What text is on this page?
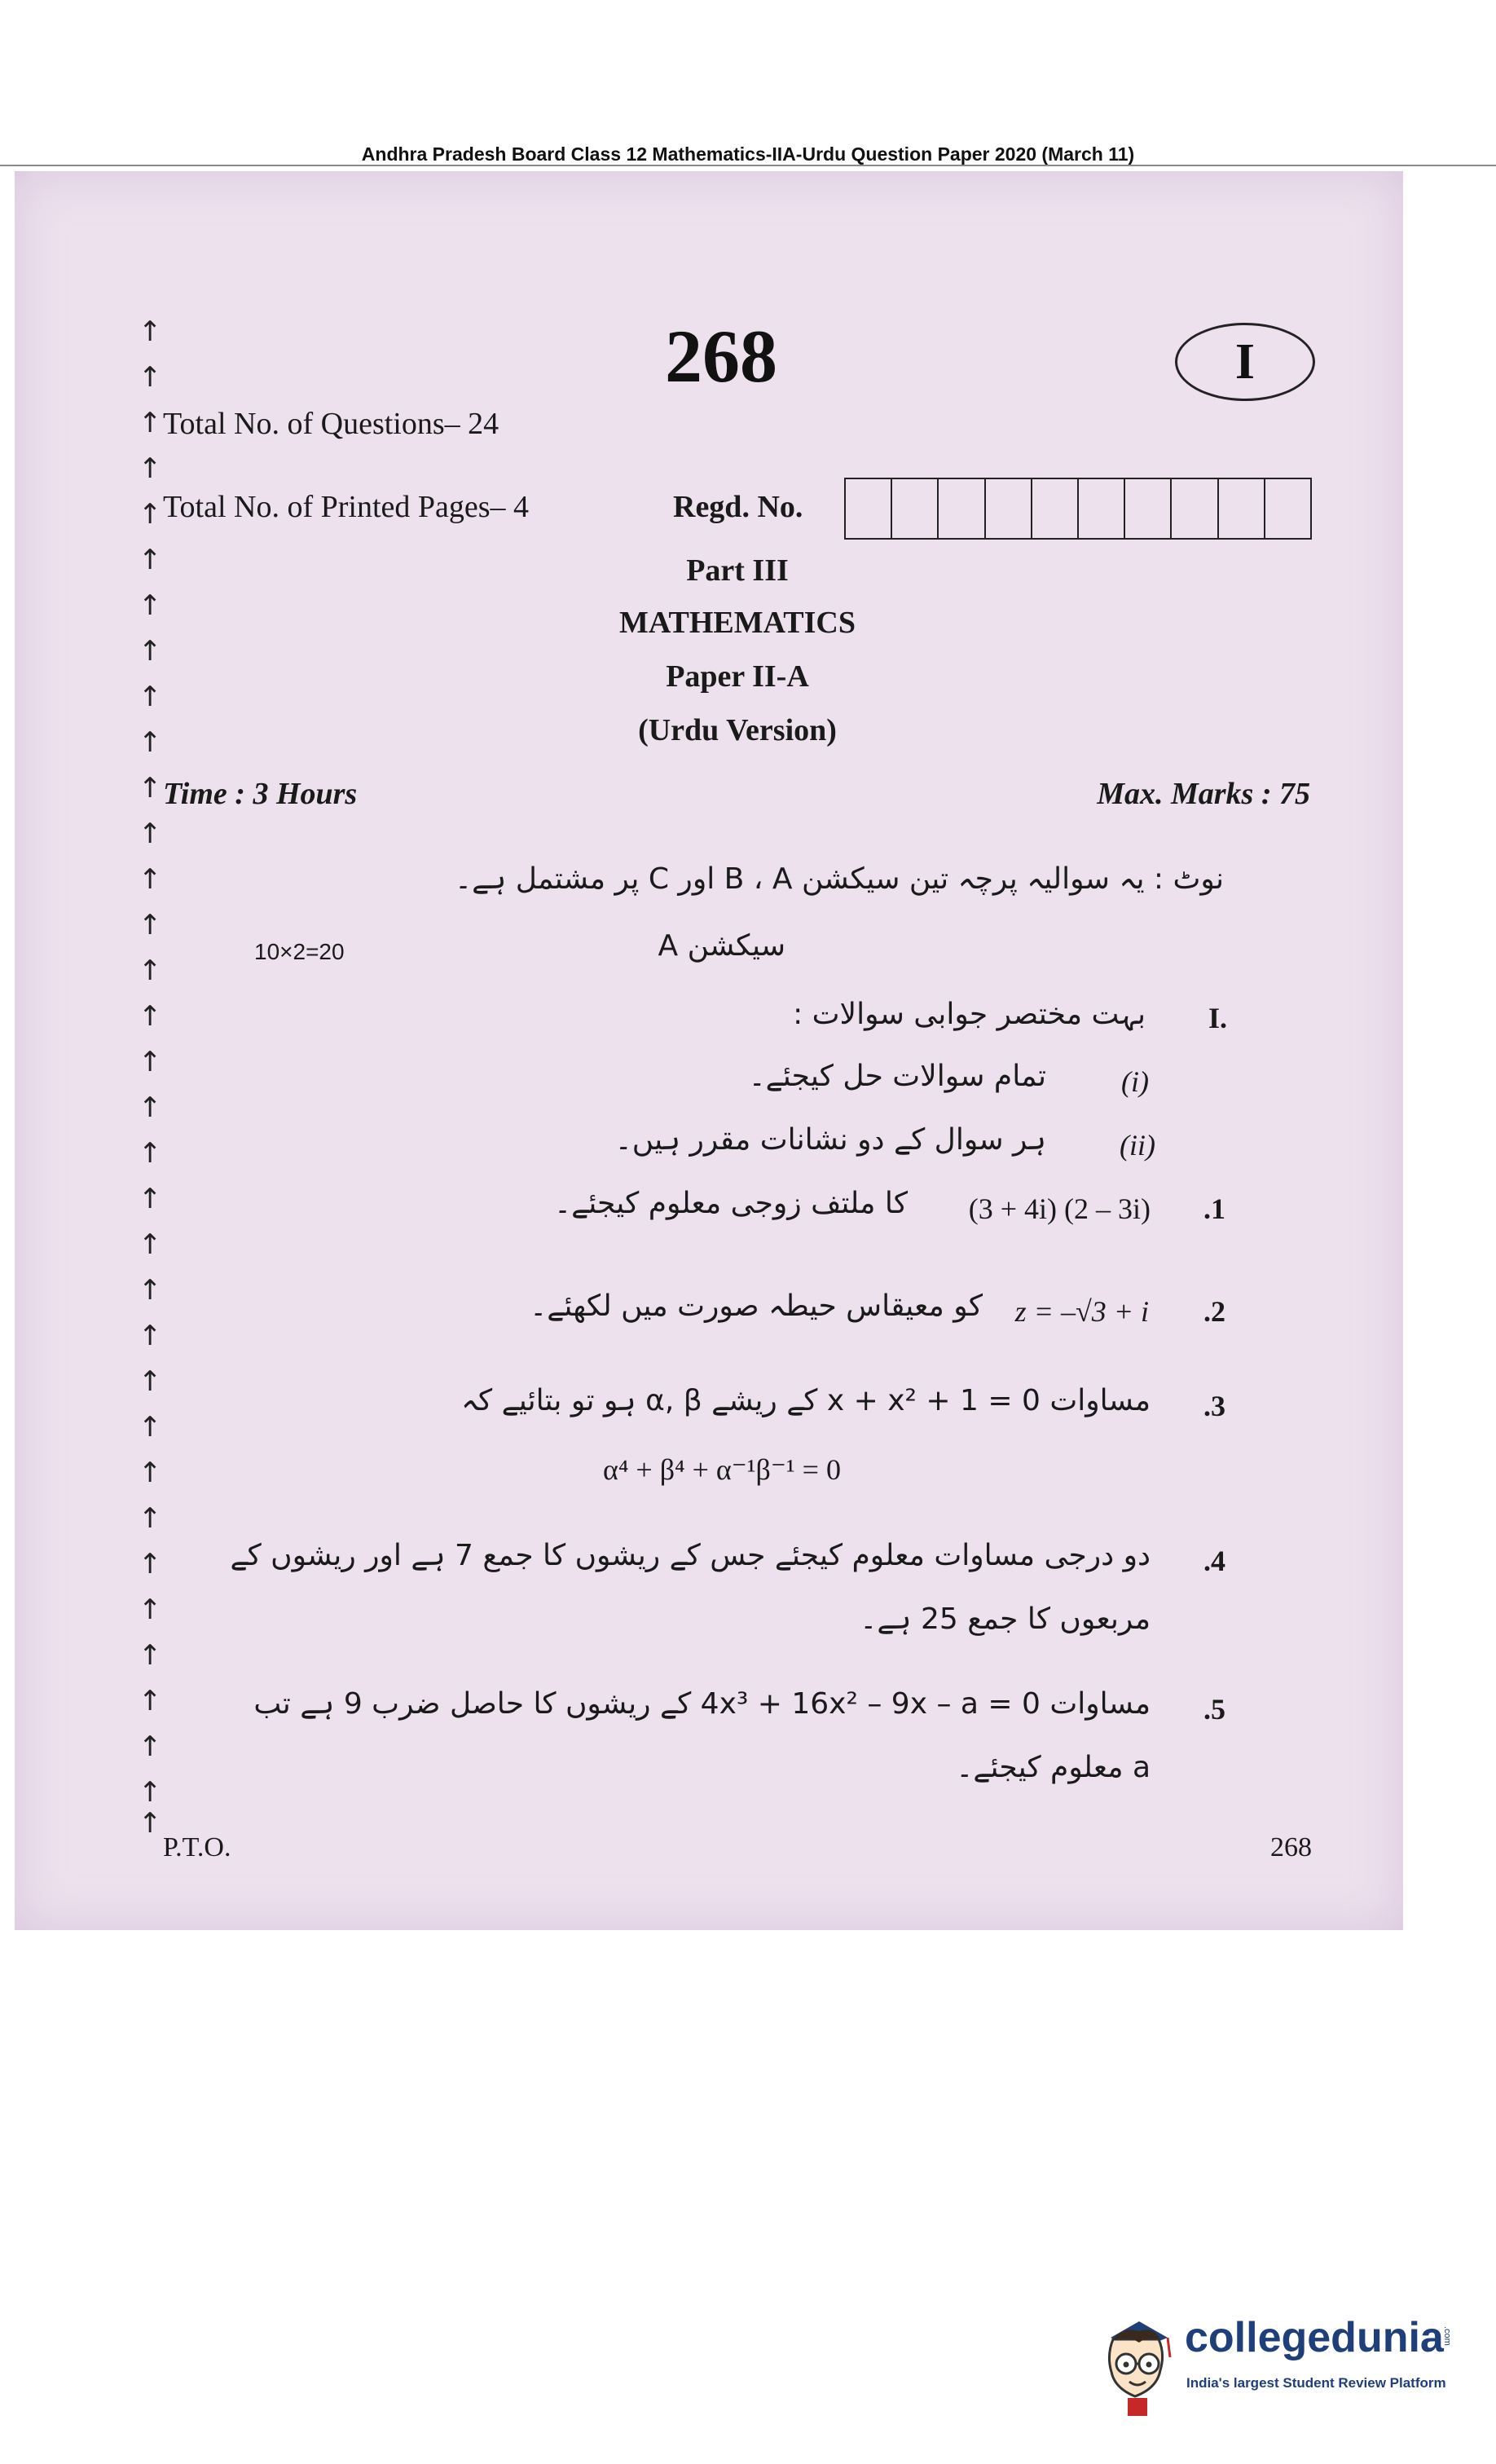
Andhra Pradesh Board Class 12 Mathematics-IIA-Urdu Question Paper 2020 (March 11)
↑
↑
↑
↑
↑
↑
↑
↑
↑
↑
↑
↑
↑
↑
↑
↑
↑
↑
↑
↑
↑
↑
↑
↑
↑
↑
↑
↑
↑
↑
↑
↑
↑
↑
268	I
Total No. of Questions– 24
Total No. of Printed Pages– 4	Regd. No.
Part III
MATHEMATICS
Paper II-A
(Urdu Version)
Time : 3 Hours	Max. Marks : 75
نوٹ : یہ سوالیہ پرچہ تین سیکشن B ، A اور C پر مشتمل ہے۔
10×2=20	سیکشن A
I.
بہت مختصر جوابی سوالات :
(i)
تمام سوالات حل کیجئے۔
(ii)
ہر سوال کے دو نشانات مقرر ہیں۔
.1
(3 + 4i) (2 – 3i)
کا ملتف زوجی معلوم کیجئے۔
.2
z = –√3 + i
کو معیقاس حیطہ صورت میں لکھئے۔
.3
مساوات 0 = 1 + x + x² کے ریشے α, β ہو تو بتائیے کہ
α⁴ + β⁴ + α⁻¹β⁻¹ = 0
.4
دو درجی مساوات معلوم کیجئے جس کے ریشوں کا جمع 7 ہے اور ریشوں کے
مربعوں کا جمع 25 ہے۔
.5
مساوات 4x³ + 16x² – 9x – a = 0 کے ریشوں کا حاصل ضرب 9 ہے تب
a معلوم کیجئے۔
P.T.O.	268
collegedunia
.com
India's largest Student Review Platform
